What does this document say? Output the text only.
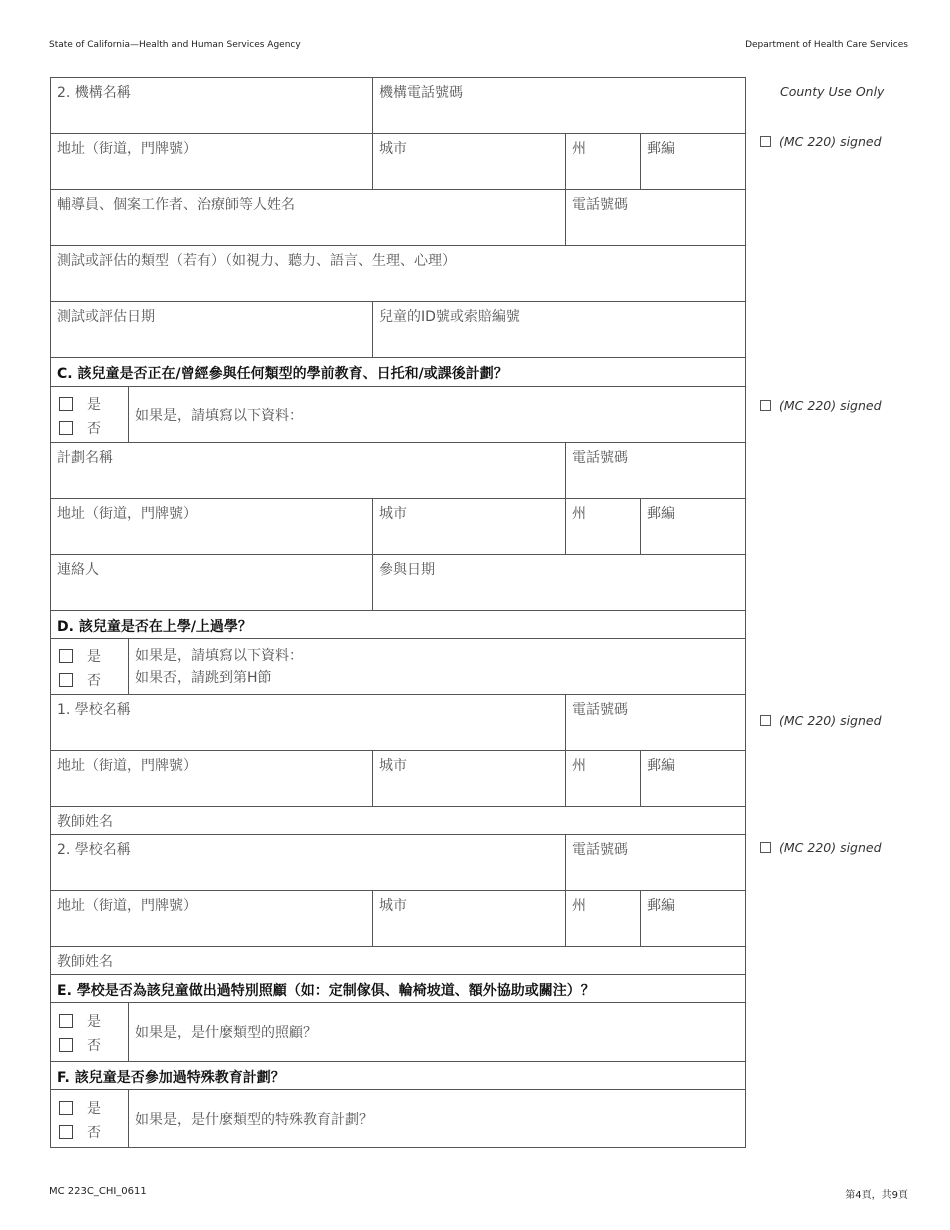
State of California—Health and Human Services Agency	Department of Health Care Services
County Use Only
(MC 220) signed
(MC 220) signed
(MC 220) signed
(MC 220) signed
2. 機構名稱	機構電話號碼
地址（街道，門牌號）	城市	州	郵編
輔導員、個案工作者、治療師等人姓名	電話號碼
測試或評估的類型（若有）（如視力、聽力、語言、生理、心理）
測試或評估日期	兒童的ID號或索賠編號
C. 該兒童是否正在/曾經參與任何類型的學前教育、日托和/或課後計劃？
是
否
如果是，請填寫以下資料：
計劃名稱	電話號碼
地址（街道，門牌號）	城市	州	郵編
連絡人	參與日期
D. 該兒童是否在上學/上過學？
是
否
如果是，請填寫以下資料：
如果否，請跳到第H節
1. 學校名稱	電話號碼
地址（街道，門牌號）	城市	州	郵編
教師姓名
2. 學校名稱	電話號碼
地址（街道，門牌號）	城市	州	郵編
教師姓名
E. 學校是否為該兒童做出過特別照顧（如：定制傢俱、輪椅坡道、額外協助或關注）？
是
否
如果是，是什麼類型的照顧？
F. 該兒童是否參加過特殊教育計劃？
是
否
如果是，是什麼類型的特殊教育計劃？
MC 223C_CHI_0611	第4頁，共9頁
